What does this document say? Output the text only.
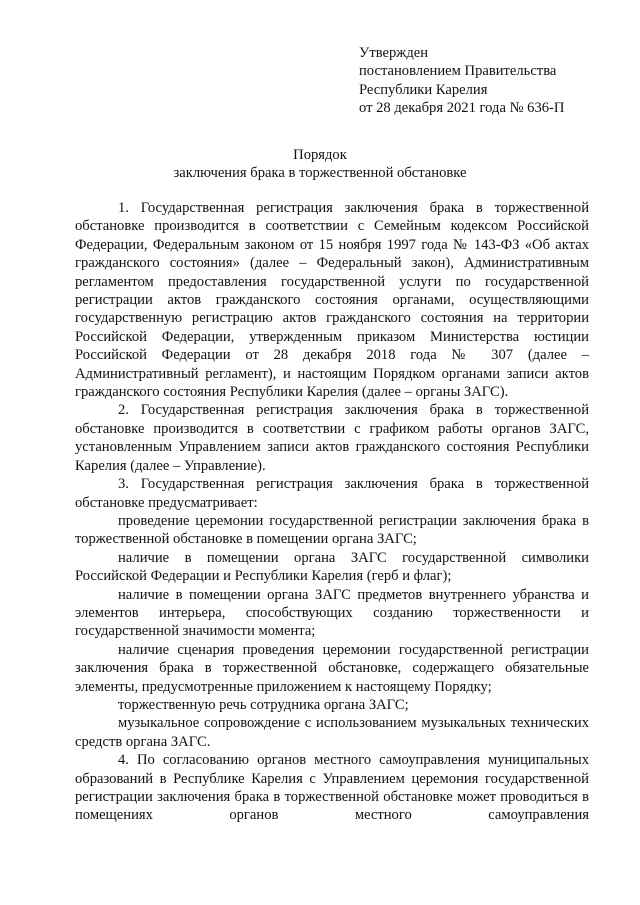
Утвержден
постановлением Правительства
Республики Карелия
от 28 декабря 2021 года № 636-П
Порядок
заключения брака в торжественной обстановке

1. Государственная регистрация заключения брака в торжественной обстановке производится в соответствии с Семейным кодексом Российской Федерации, Федеральным законом от 15 ноября 1997 года № 143-ФЗ «Об актах гражданского состояния» (далее – Федеральный закон), Административным регламентом предоставления государственной услуги по государственной регистрации актов гражданского состояния органами, осуществляющими государственную регистрацию актов гражданского состояния на территории Российской Федерации, утвержденным приказом Министерства юстиции Российской Федерации от 28 декабря 2018 года № 307 (далее – Административный регламент), и настоящим Порядком органами записи актов гражданского состояния Республики Карелия (далее – органы ЗАГС).

2. Государственная регистрация заключения брака в торжественной обстановке производится в соответствии с графиком работы органов ЗАГС, установленным Управлением записи актов гражданского состояния Республики Карелия (далее – Управление).

3. Государственная регистрация заключения брака в торжественной обстановке предусматривает:

проведение церемонии государственной регистрации заключения брака в торжественной обстановке в помещении органа ЗАГС;

наличие в помещении органа ЗАГС государственной символики Российской Федерации и Республики Карелия (герб и флаг);

наличие в помещении органа ЗАГС предметов внутреннего убранства и элементов интерьера, способствующих созданию торжественности и государственной значимости момента;

наличие сценария проведения церемонии государственной регистрации заключения брака в торжественной обстановке, содержащего обязательные элементы, предусмотренные приложением к настоящему Порядку;

торжественную речь сотрудника органа ЗАГС;

музыкальное сопровождение с использованием музыкальных технических средств органа ЗАГС.

4. По согласованию органов местного самоуправления муниципальных образований в Республике Карелия с Управлением церемония государственной регистрации заключения брака в торжественной обстановке может проводиться в помещениях органов местного самоуправления
